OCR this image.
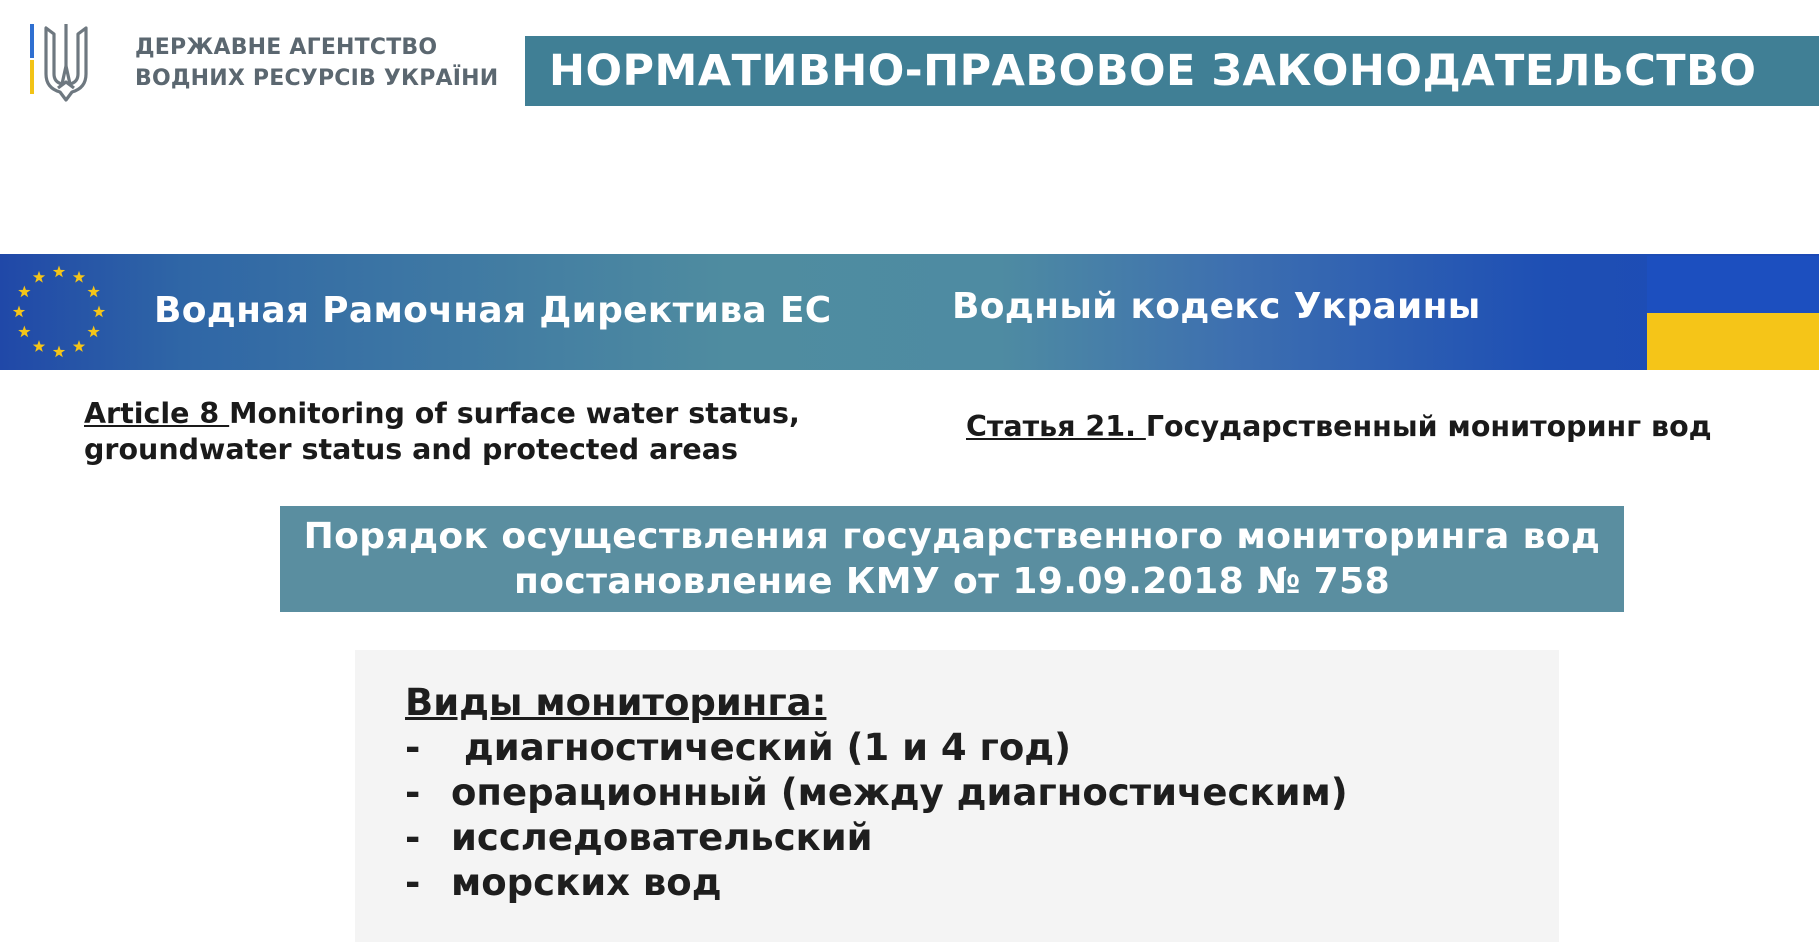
ДЕРЖАВНЕ АГЕНТСТВО
ВОДНИХ РЕСУРСІВ УКРАЇНИ НОРМАТИВНО-ПРАВОВОЕ ЗАКОНОДАТЕЛЬСТВО
Водная Рамочная Директива ЕС	Водный кодекс Украины
Article 8 Monitoring of surface water status,
groundwater status and protected areas
Статья 21. Государственный мониторинг вод
Порядок осуществления государственного мониторинга вод
постановление КМУ от 19.09.2018 № 758
Виды мониторинга:
- диагностический (1 и 4 год)
- операционный (между диагностическим)
- исследовательский
- морских вод
